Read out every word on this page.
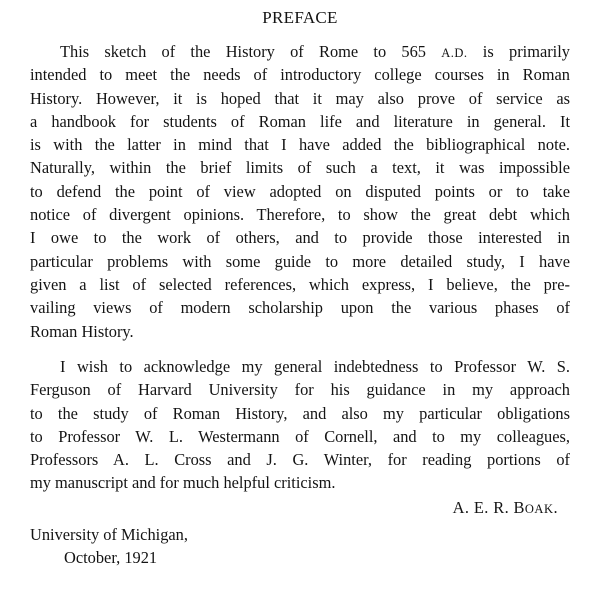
PREFACE
This sketch of the History of Rome to 565 A.D. is primarily
intended to meet the needs of introductory college courses in Roman
History. However, it is hoped that it may also prove of service as
a handbook for students of Roman life and literature in general. It
is with the latter in mind that I have added the bibliographical note.
Naturally, within the brief limits of such a text, it was impossible
to defend the point of view adopted on disputed points or to take
notice of divergent opinions. Therefore, to show the great debt which
I owe to the work of others, and to provide those interested in
particular problems with some guide to more detailed study, I have
given a list of selected references, which express, I believe, the pre-
vailing views of modern scholarship upon the various phases of
Roman History.
I wish to acknowledge my general indebtedness to Professor W. S.
Ferguson of Harvard University for his guidance in my approach
to the study of Roman History, and also my particular obligations
to Professor W. L. Westermann of Cornell, and to my colleagues,
Professors A. L. Cross and J. G. Winter, for reading portions of
my manuscript and for much helpful criticism.
A. E. R. BOAK.
University of Michigan,
October, 1921
